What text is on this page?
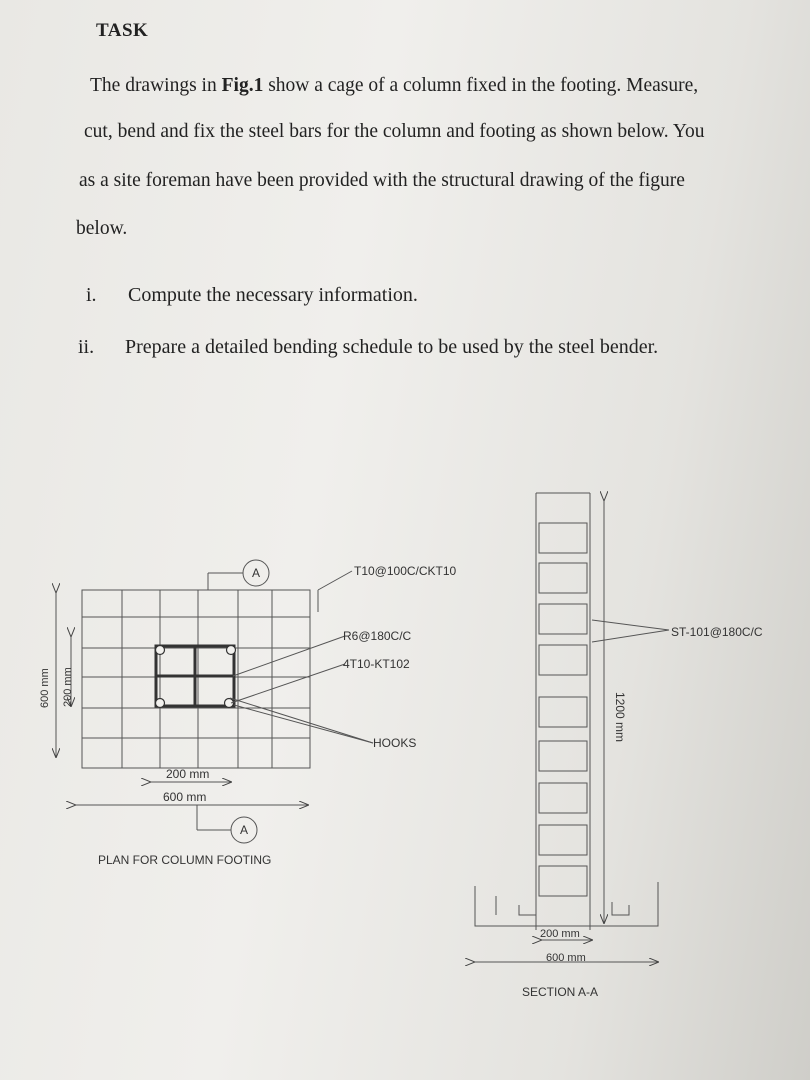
TASK
The drawings in Fig.1 show a cage of a column fixed in the footing. Measure,
cut, bend and fix the steel bars for the column and footing as shown below. You
as a site foreman have been provided with the structural drawing of the figure
below.
i. Compute the necessary information.
ii. Prepare a detailed bending schedule to be used by the steel bender.
A
A
T10@100C/CKT10
R6@180C/C
4T10-KT102
HOOKS
200 mm
600 mm
600 mm 200 mm
PLAN FOR COLUMN FOOTING
ST-101@180C/C
1200 mm
200 mm
600 mm
SECTION A-A
